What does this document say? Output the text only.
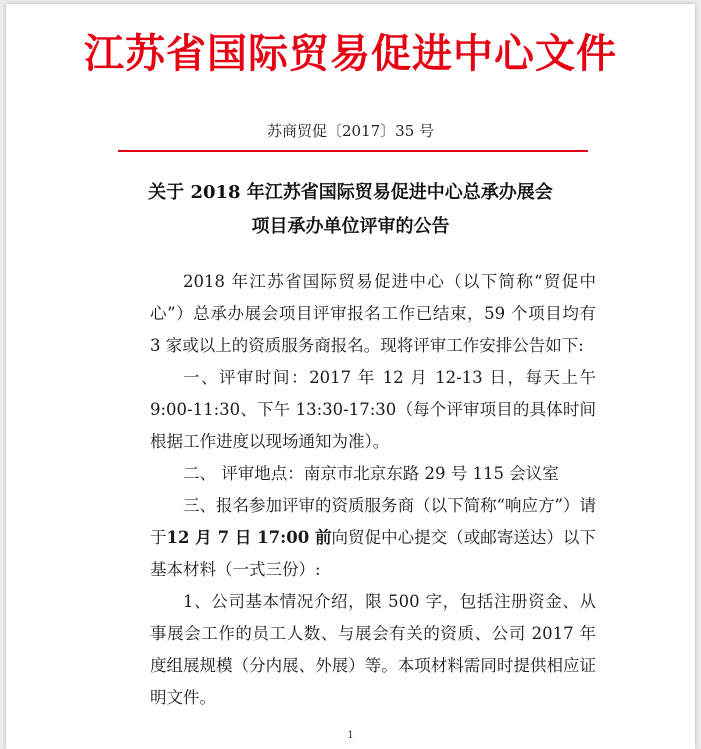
江苏省国际贸易促进中心文件
苏商贸促〔2017〕35 号
关于 2018 年江苏省国际贸易促进中心总承办展会
项目承办单位评审的公告

2018 年江苏省国际贸易促进中心（以下简称“贸促中心”）总承办展会项目评审报名工作已结束，59 个项目均有 3 家或以上的资质服务商报名。现将评审工作安排公告如下:

一、评审时间：2017 年 12 月 12-13 日，每天上午 9:00-11:30、下午 13:30-17:30（每个评审项目的具体时间根据工作进度以现场通知为准）。

二、 评审地点：南京市北京东路 29 号 115 会议室

三、报名参加评审的资质服务商（以下简称“响应方”）请于12 月 7 日 17:00 前向贸促中心提交（或邮寄送达）以下基本材料（一式三份）:

1、公司基本情况介绍，限 500 字，包括注册资金、从事展会工作的员工人数、与展会有关的资质、公司 2017 年度组展规模（分内展、外展）等。本项材料需同时提供相应证明文件。

1
